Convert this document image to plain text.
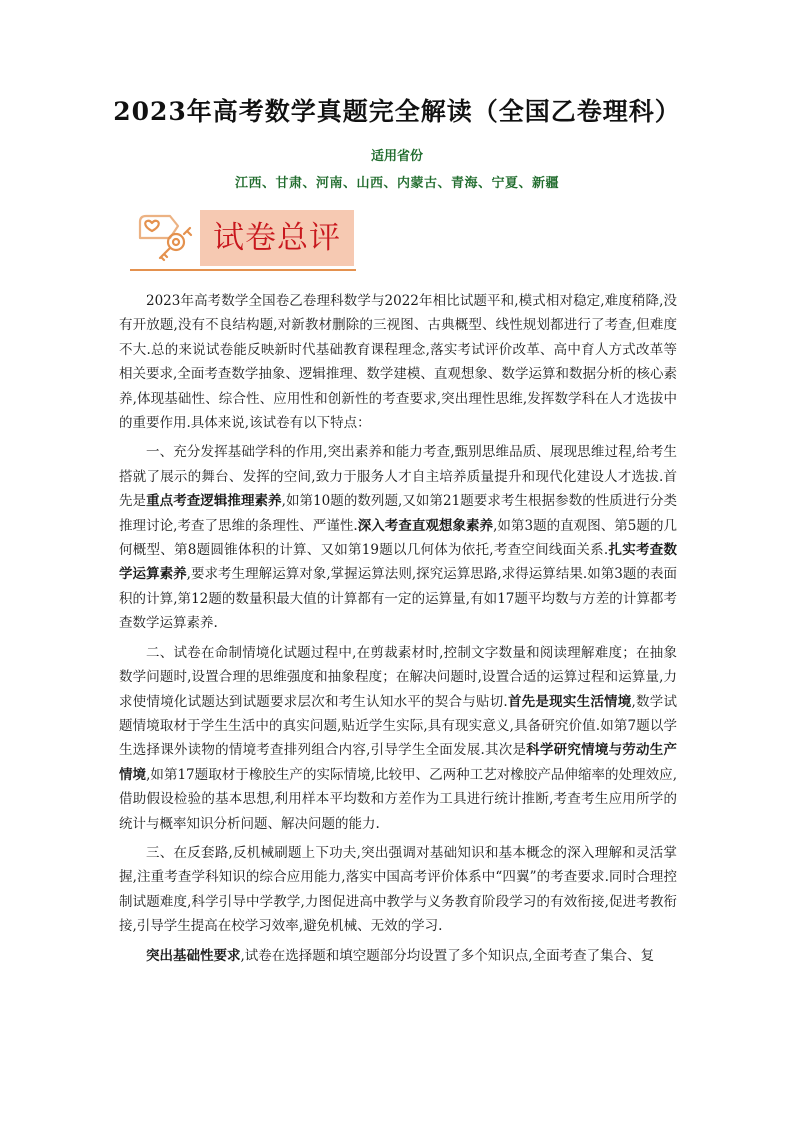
2023年高考数学真题完全解读（全国乙卷理科）
适用省份
江西、甘肃、河南、山西、内蒙古、青海、宁夏、新疆
试卷总评

2023年高考数学全国卷乙卷理科数学与2022年相比试题平和,模式相对稳定,难度稍降,没有开放题,没有不良结构题,对新教材删除的三视图、古典概型、线性规划都进行了考查,但难度不大.总的来说试卷能反映新时代基础教育课程理念,落实考试评价改革、高中育人方式改革等相关要求,全面考查数学抽象、逻辑推理、数学建模、直观想象、数学运算和数据分析的核心素养,体现基础性、综合性、应用性和创新性的考查要求,突出理性思维,发挥数学科在人才选拔中的重要作用.具体来说,该试卷有以下特点：

一、充分发挥基础学科的作用,突出素养和能力考查,甄别思维品质、展现思维过程,给考生搭就了展示的舞台、发挥的空间,致力于服务人才自主培养质量提升和现代化建设人才选拔.首先是重点考查逻辑推理素养,如第10题的数列题,又如第21题要求考生根据参数的性质进行分类推理讨论,考查了思维的条理性、严谨性.深入考查直观想象素养,如第3题的直观图、第5题的几何概型、第8题圆锥体积的计算、又如第19题以几何体为依托,考查空间线面关系.扎实考查数学运算素养,要求考生理解运算对象,掌握运算法则,探究运算思路,求得运算结果.如第3题的表面积的计算,第12题的数量积最大值的计算都有一定的运算量,有如17题平均数与方差的计算都考查数学运算素养.

二、试卷在命制情境化试题过程中,在剪裁素材时,控制文字数量和阅读理解难度；在抽象数学问题时,设置合理的思维强度和抽象程度；在解决问题时,设置合适的运算过程和运算量,力求使情境化试题达到试题要求层次和考生认知水平的契合与贴切.首先是现实生活情境,数学试题情境取材于学生生活中的真实问题,贴近学生实际,具有现实意义,具备研究价值.如第7题以学生选择课外读物的情境考查排列组合内容,引导学生全面发展.其次是科学研究情境与劳动生产情境,如第17题取材于橡胶生产的实际情境,比较甲、乙两种工艺对橡胶产品伸缩率的处理效应,借助假设检验的基本思想,利用样本平均数和方差作为工具进行统计推断,考查考生应用所学的统计与概率知识分析问题、解决问题的能力.

三、在反套路,反机械刷题上下功夫,突出强调对基础知识和基本概念的深入理解和灵活掌握,注重考查学科知识的综合应用能力,落实中国高考评价体系中“四翼”的考查要求.同时合理控制试题难度,科学引导中学教学,力图促进高中教学与义务教育阶段学习的有效衔接,促进考教衔接,引导学生提高在校学习效率,避免机械、无效的学习.

突出基础性要求,试卷在选择题和填空题部分均设置了多个知识点,全面考查了集合、复
